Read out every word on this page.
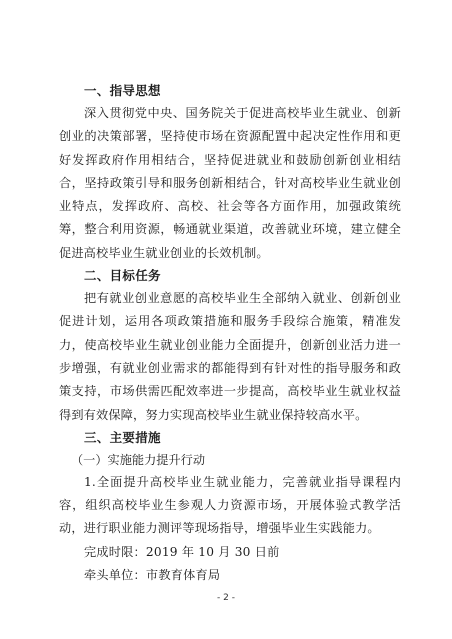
一、指导思想

深入贯彻党中央、国务院关于促进高校毕业生就业、创新创业的决策部署，坚持使市场在资源配置中起决定性作用和更好发挥政府作用相结合，坚持促进就业和鼓励创新创业相结合，坚持政策引导和服务创新相结合，针对高校毕业生就业创业特点，发挥政府、高校、社会等各方面作用，加强政策统筹，整合利用资源，畅通就业渠道，改善就业环境，建立健全促进高校毕业生就业创业的长效机制。

二、目标任务

把有就业创业意愿的高校毕业生全部纳入就业、创新创业促进计划，运用各项政策措施和服务手段综合施策，精准发力，使高校毕业生就业创业能力全面提升，创新创业活力进一步增强，有就业创业需求的都能得到有针对性的指导服务和政策支持，市场供需匹配效率进一步提高，高校毕业生就业权益得到有效保障，努力实现高校毕业生就业保持较高水平。

三、主要措施
（一）实施能力提升行动

1.全面提升高校毕业生就业能力，完善就业指导课程内容，组织高校毕业生参观人力资源市场，开展体验式教学活动，进行职业能力测评等现场指导，增强毕业生实践能力。

完成时限：2019 年 10 月 30 日前
牵头单位：市教育体育局
- 2 -
